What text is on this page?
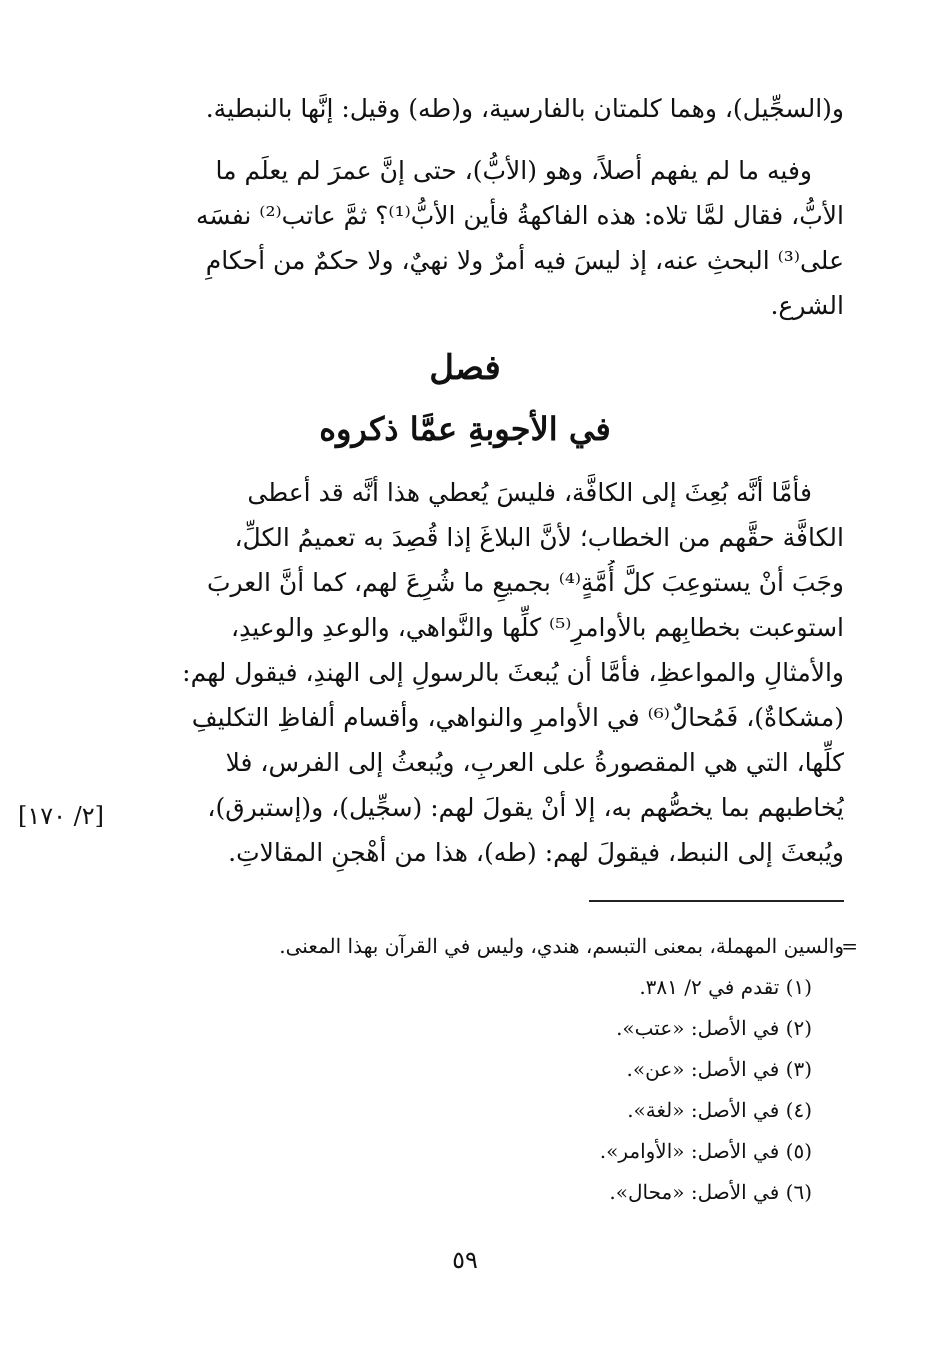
و(السجِّيل)، وهما كلمتان بالفارسية، و(طه) وقيل: إنَّها بالنبطية.
وفيه ما لم يفهم أصلاً، وهو (الأبُّ)، حتى إنَّ عمرَ لم يعلَم ما
الأبُّ، فقال لمَّا تلاه: هذه الفاكهةُ فأين الأبُّ⁽¹⁾؟ ثمَّ عاتب⁽²⁾ نفسَه
على⁽³⁾ البحثِ عنه، إذ ليسَ فيه أمرٌ ولا نهيٌ، ولا حكمٌ من أحكامِ
الشرع.
فصل
في الأجوبةِ عمَّا ذكروه
فأمَّا أنَّه بُعِثَ إلى الكافَّة، فليسَ يُعطي هذا أنَّه قد أعطى
الكافَّة حقَّهم من الخطاب؛ لأنَّ البلاغَ إذا قُصِدَ به تعميمُ الكلِّ،
وجَبَ أنْ يستوعِبَ كلَّ أُمَّةٍ⁽⁴⁾ بجميعِ ما شُرِعَ لهم، كما أنَّ العربَ
استوعبت بخطابِهم بالأوامرِ⁽⁵⁾ كلِّها والنَّواهي، والوعدِ والوعيدِ،
والأمثالِ والمواعظِ، فأمَّا أن يُبعثَ بالرسولِ إلى الهندِ، فيقول لهم:
(مشكاةٌ)، فَمُحالٌ⁽⁶⁾ في الأوامرِ والنواهي، وأقسام ألفاظِ التكليفِ
كلِّها، التي هي المقصورةُ على العربِ، ويُبعثُ إلى الفرس، فلا
يُخاطبهم بما يخصُّهم به، إلا أنْ يقولَ لهم: (سجِّيل)، و(إستبرق)،
ويُبعثَ إلى النبط، فيقولَ لهم: (طه)، هذا من أهْجنِ المقالاتِ.
[٢/ ١٧٠]
=
والسين المهملة، بمعنى التبسم، هندي، وليس في القرآن بهذا المعنى.
(١) تقدم في ٢/ ٣٨١.
(٢) في الأصل: «عتب».
(٣) في الأصل: «عن».
(٤) في الأصل: «لغة».
(٥) في الأصل: «الأوامر».
(٦) في الأصل: «محال».
٥٩
